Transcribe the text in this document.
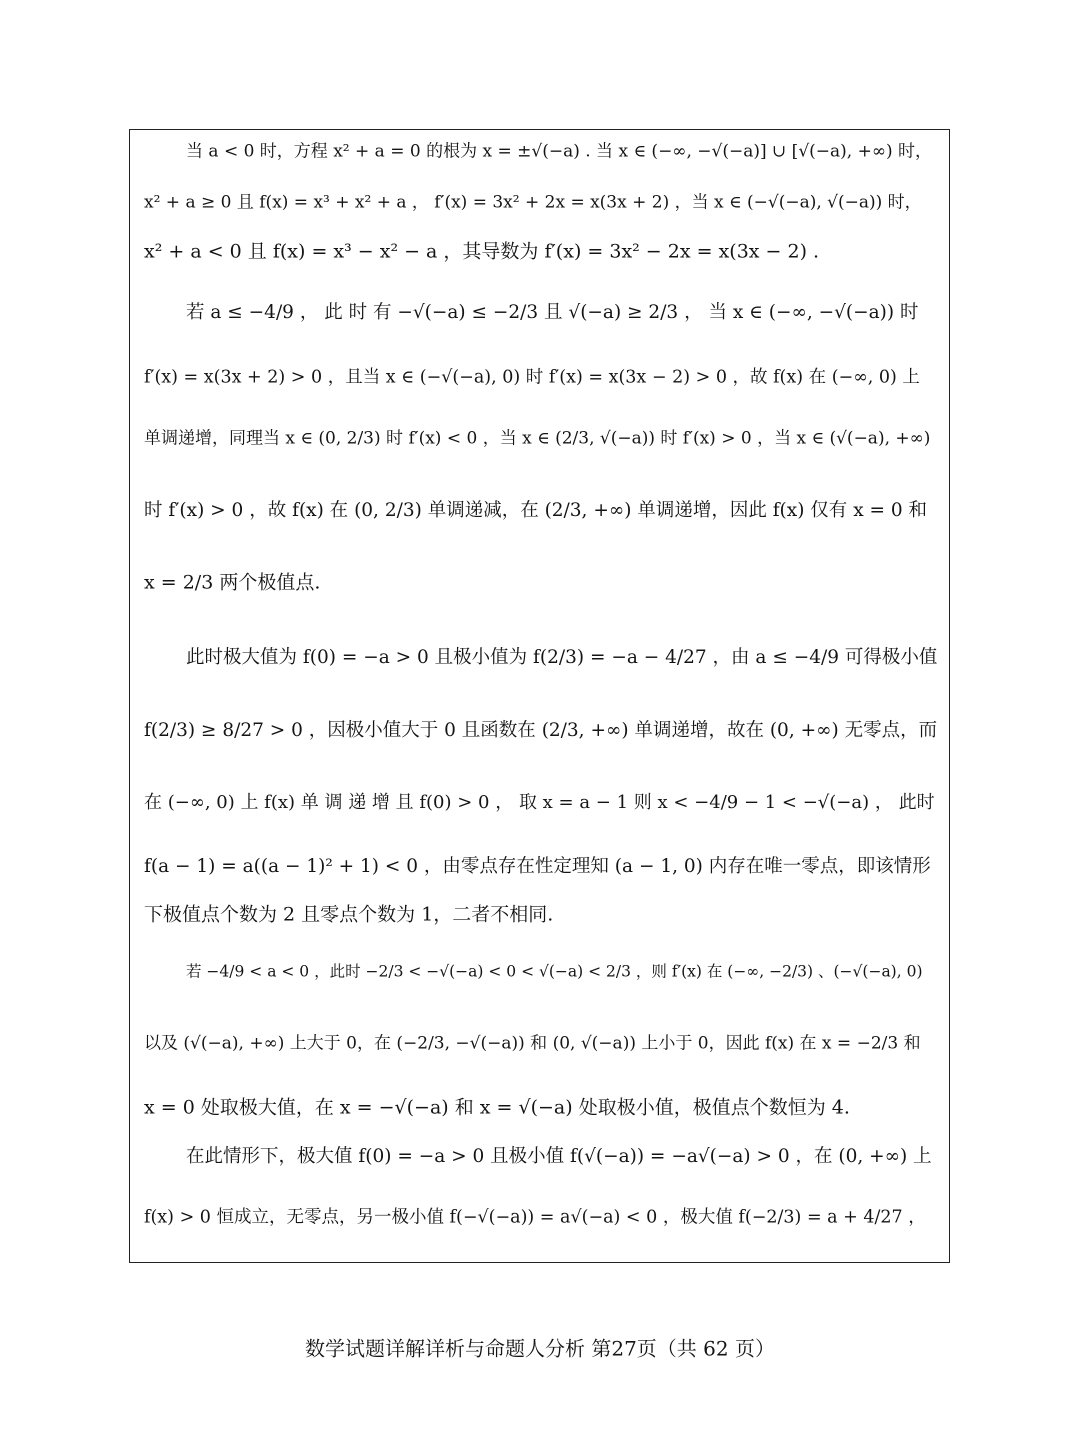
当 a < 0 时，方程 x² + a = 0 的根为 x = ±√(−a) . 当 x ∈ (−∞, −√(−a)] ∪ [√(−a), +∞) 时，
x² + a ≥ 0 且 f(x) = x³ + x² + a ， f′(x) = 3x² + 2x = x(3x + 2) ，当 x ∈ (−√(−a), √(−a)) 时，
x² + a < 0 且 f(x) = x³ − x² − a ，其导数为 f′(x) = 3x² − 2x = x(3x − 2) .
若 a ≤ −4/9 ， 此 时 有 −√(−a) ≤ −2/3 且 √(−a) ≥ 2/3 ， 当 x ∈ (−∞, −√(−a)) 时
f′(x) = x(3x + 2) > 0 ，且当 x ∈ (−√(−a), 0) 时 f′(x) = x(3x − 2) > 0 ，故 f(x) 在 (−∞, 0) 上
单调递增，同理当 x ∈ (0, 2/3) 时 f′(x) < 0 ，当 x ∈ (2/3, √(−a)) 时 f′(x) > 0 ，当 x ∈ (√(−a), +∞)
时 f′(x) > 0 ，故 f(x) 在 (0, 2/3) 单调递减，在 (2/3, +∞) 单调递增，因此 f(x) 仅有 x = 0 和
x = 2/3 两个极值点.
此时极大值为 f(0) = −a > 0 且极小值为 f(2/3) = −a − 4/27 ，由 a ≤ −4/9 可得极小值
f(2/3) ≥ 8/27 > 0 ，因极小值大于 0 且函数在 (2/3, +∞) 单调递增，故在 (0, +∞) 无零点，而
在 (−∞, 0) 上 f(x) 单 调 递 增 且 f(0) > 0 ， 取 x = a − 1 则 x < −4/9 − 1 < −√(−a) ， 此时
f(a − 1) = a((a − 1)² + 1) < 0 ，由零点存在性定理知 (a − 1, 0) 内存在唯一零点，即该情形
下极值点个数为 2 且零点个数为 1，二者不相同.
若 −4/9 < a < 0 ，此时 −2/3 < −√(−a) < 0 < √(−a) < 2/3 ，则 f′(x) 在 (−∞, −2/3) 、(−√(−a), 0)
以及 (√(−a), +∞) 上大于 0，在 (−2/3, −√(−a)) 和 (0, √(−a)) 上小于 0，因此 f(x) 在 x = −2/3 和
x = 0 处取极大值，在 x = −√(−a) 和 x = √(−a) 处取极小值，极值点个数恒为 4.
在此情形下，极大值 f(0) = −a > 0 且极小值 f(√(−a)) = −a√(−a) > 0 ，在 (0, +∞) 上
f(x) > 0 恒成立，无零点，另一极小值 f(−√(−a)) = a√(−a) < 0 ，极大值 f(−2/3) = a + 4/27 ，
数学试题详解详析与命题人分析 第27页（共 62 页）
